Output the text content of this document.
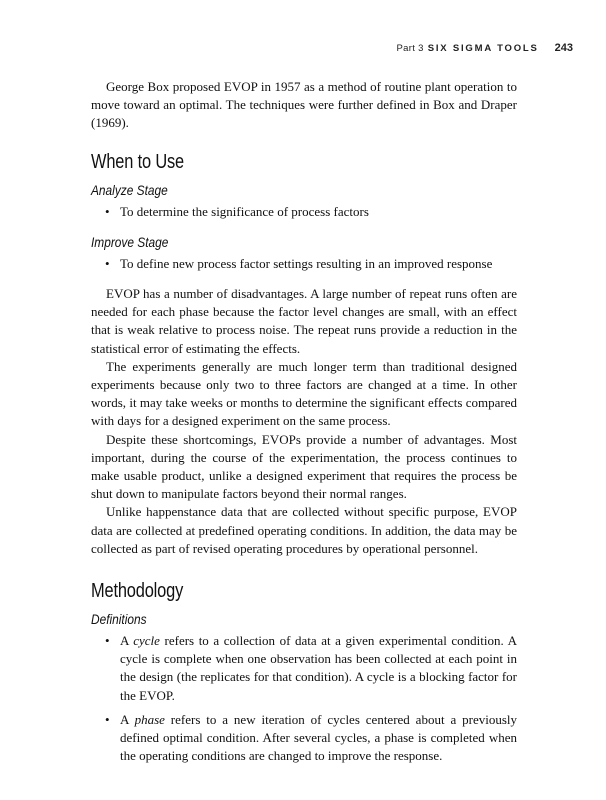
Part 3 SIX SIGMA TOOLS 243

George Box proposed EVOP in 1957 as a method of routine plant operation to move toward an optimal. The techniques were further defined in Box and Draper (1969).

When to Use
Analyze Stage
• To determine the significance of process factors
Improve Stage
• To define new process factor settings resulting in an improved response

EVOP has a number of disadvantages. A large number of repeat runs often are needed for each phase because the factor level changes are small, with an effect that is weak relative to process noise. The repeat runs provide a reduction in the statistical error of estimating the effects.

The experiments generally are much longer term than traditional designed experiments because only two to three factors are changed at a time. In other words, it may take weeks or months to determine the significant effects compared with days for a designed experiment on the same process.

Despite these shortcomings, EVOPs provide a number of advantages. Most important, during the course of the experimentation, the process continues to make usable product, unlike a designed experiment that requires the process be shut down to manipulate factors beyond their normal ranges.

Unlike happenstance data that are collected without specific purpose, EVOP data are collected at predefined operating conditions. In addition, the data may be collected as part of revised operating procedures by operational personnel.

Methodology
Definitions
• A cycle refers to a collection of data at a given experimental condition. A cycle is complete when one observation has been collected at each point in the design (the replicates for that condition). A cycle is a blocking factor for the EVOP.
• A phase refers to a new iteration of cycles centered about a previously defined optimal condition. After several cycles, a phase is completed when the operating conditions are changed to improve the response.
